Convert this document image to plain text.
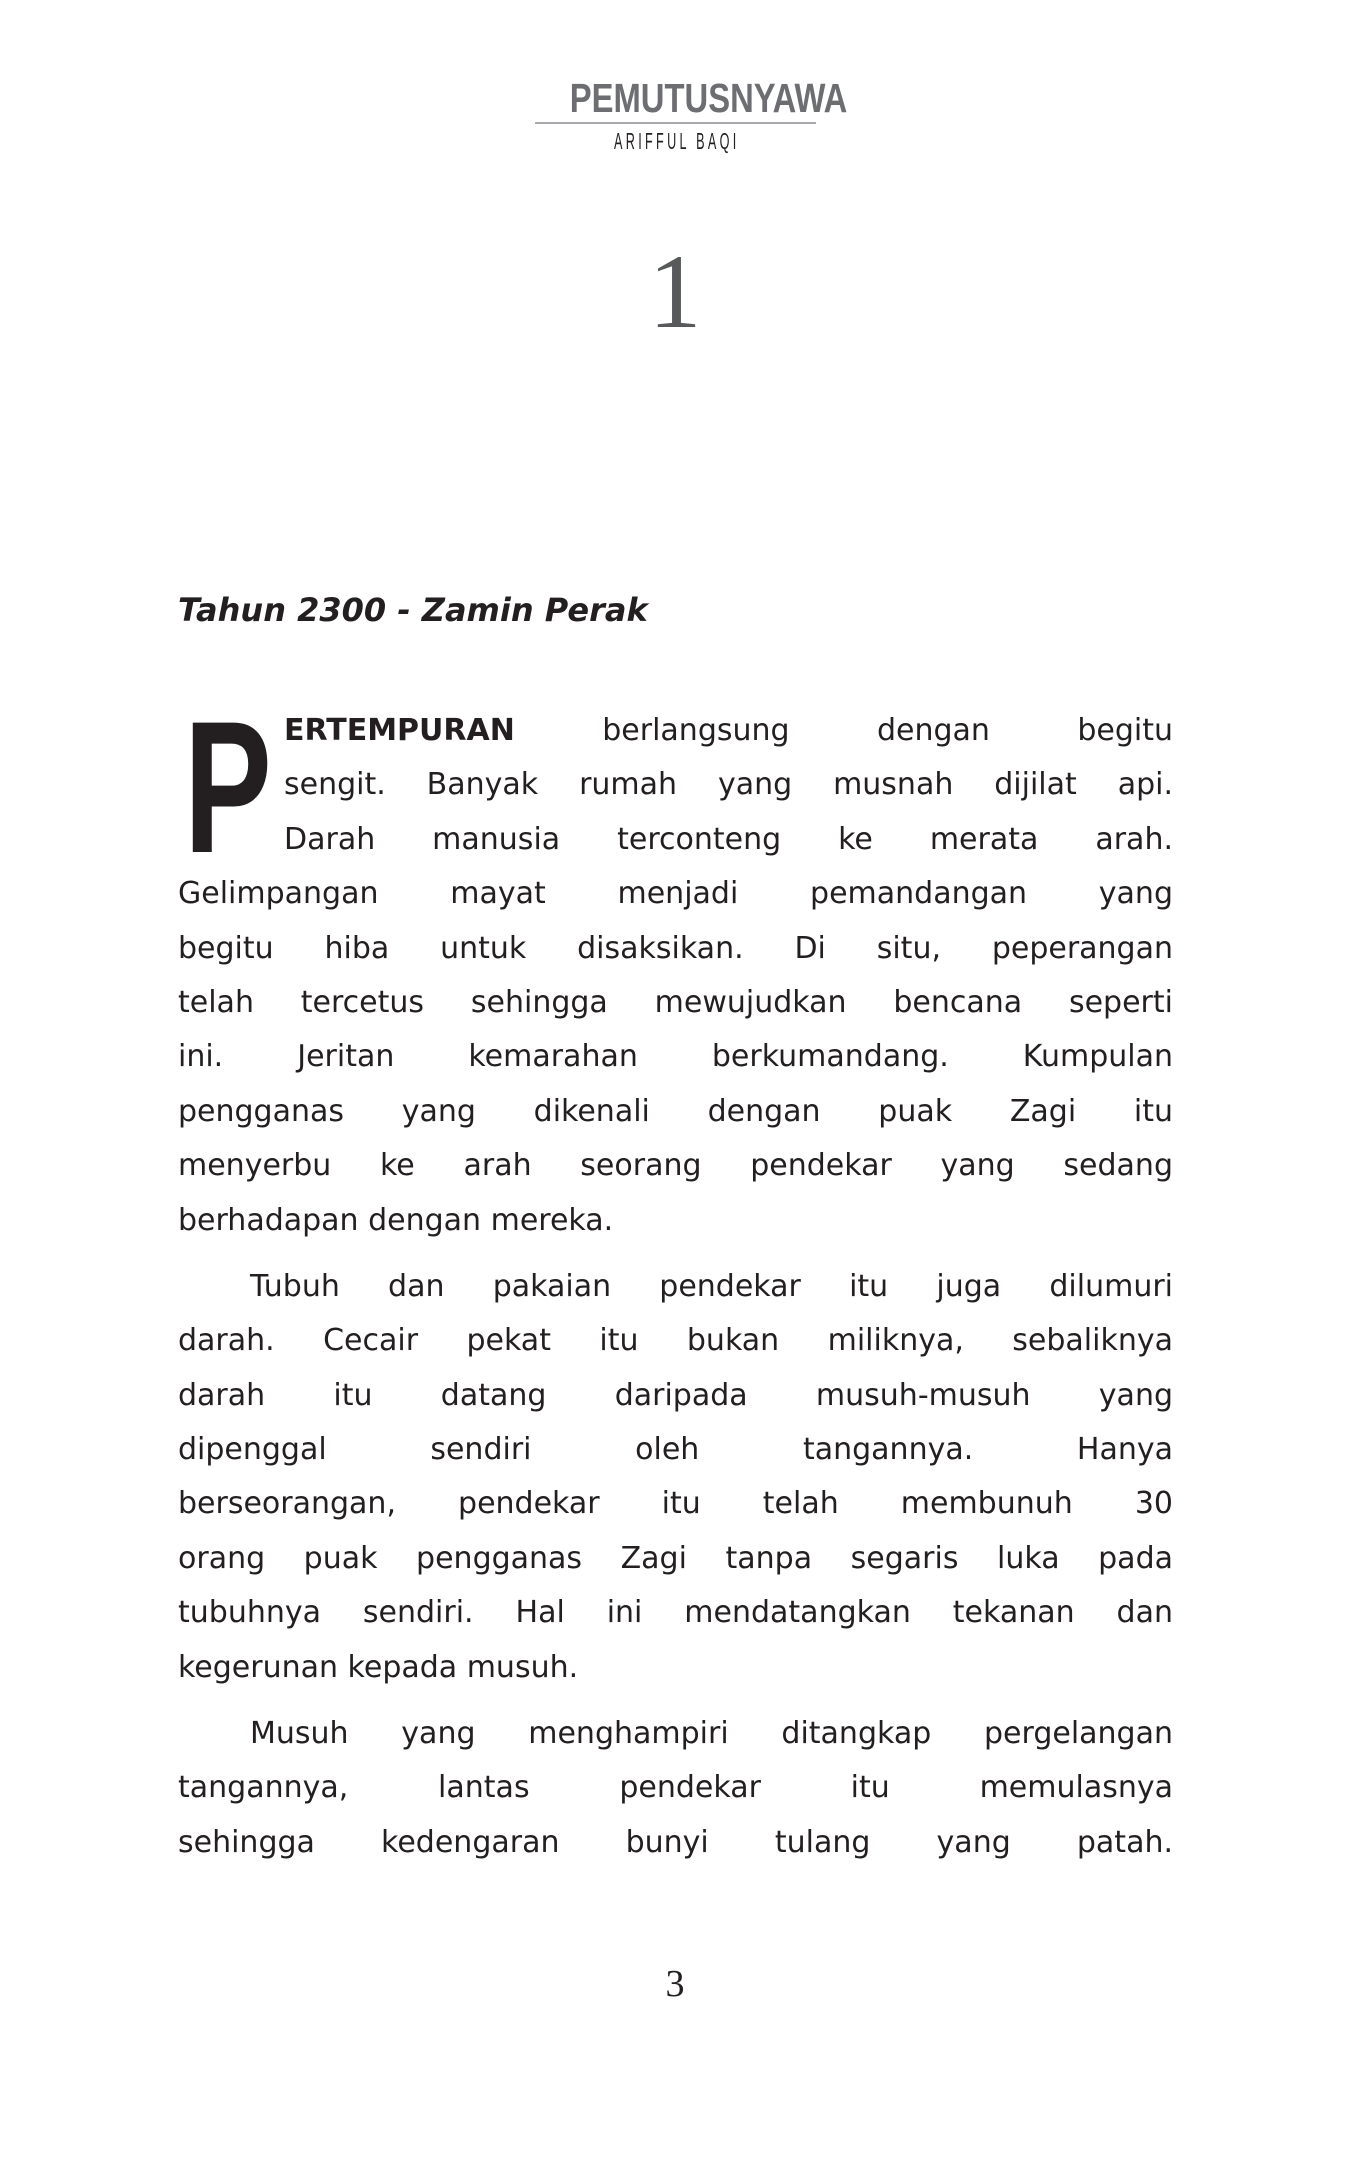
PEMUTUSNYAWA
ARIFFUL BAQI
1
Tahun 2300 - Zamin Perak
P ERTEMPURAN berlangsung dengan begitu
sengit. Banyak rumah yang musnah dijilat api.
Darah manusia terconteng ke merata arah.
Gelimpangan mayat menjadi pemandangan yang
begitu hiba untuk disaksikan. Di situ, peperangan
telah tercetus sehingga mewujudkan bencana seperti
ini. Jeritan kemarahan berkumandang. Kumpulan
pengganas yang dikenali dengan puak Zagi itu
menyerbu ke arah seorang pendekar yang sedang
berhadapan dengan mereka.
Tubuh dan pakaian pendekar itu juga dilumuri
darah. Cecair pekat itu bukan miliknya, sebaliknya
darah itu datang daripada musuh-musuh yang
dipenggal sendiri oleh tangannya. Hanya
berseorangan, pendekar itu telah membunuh 30
orang puak pengganas Zagi tanpa segaris luka pada
tubuhnya sendiri. Hal ini mendatangkan tekanan dan
kegerunan kepada musuh.
Musuh yang menghampiri ditangkap pergelangan
tangannya, lantas pendekar itu memulasnya
sehingga kedengaran bunyi tulang yang patah.
3
